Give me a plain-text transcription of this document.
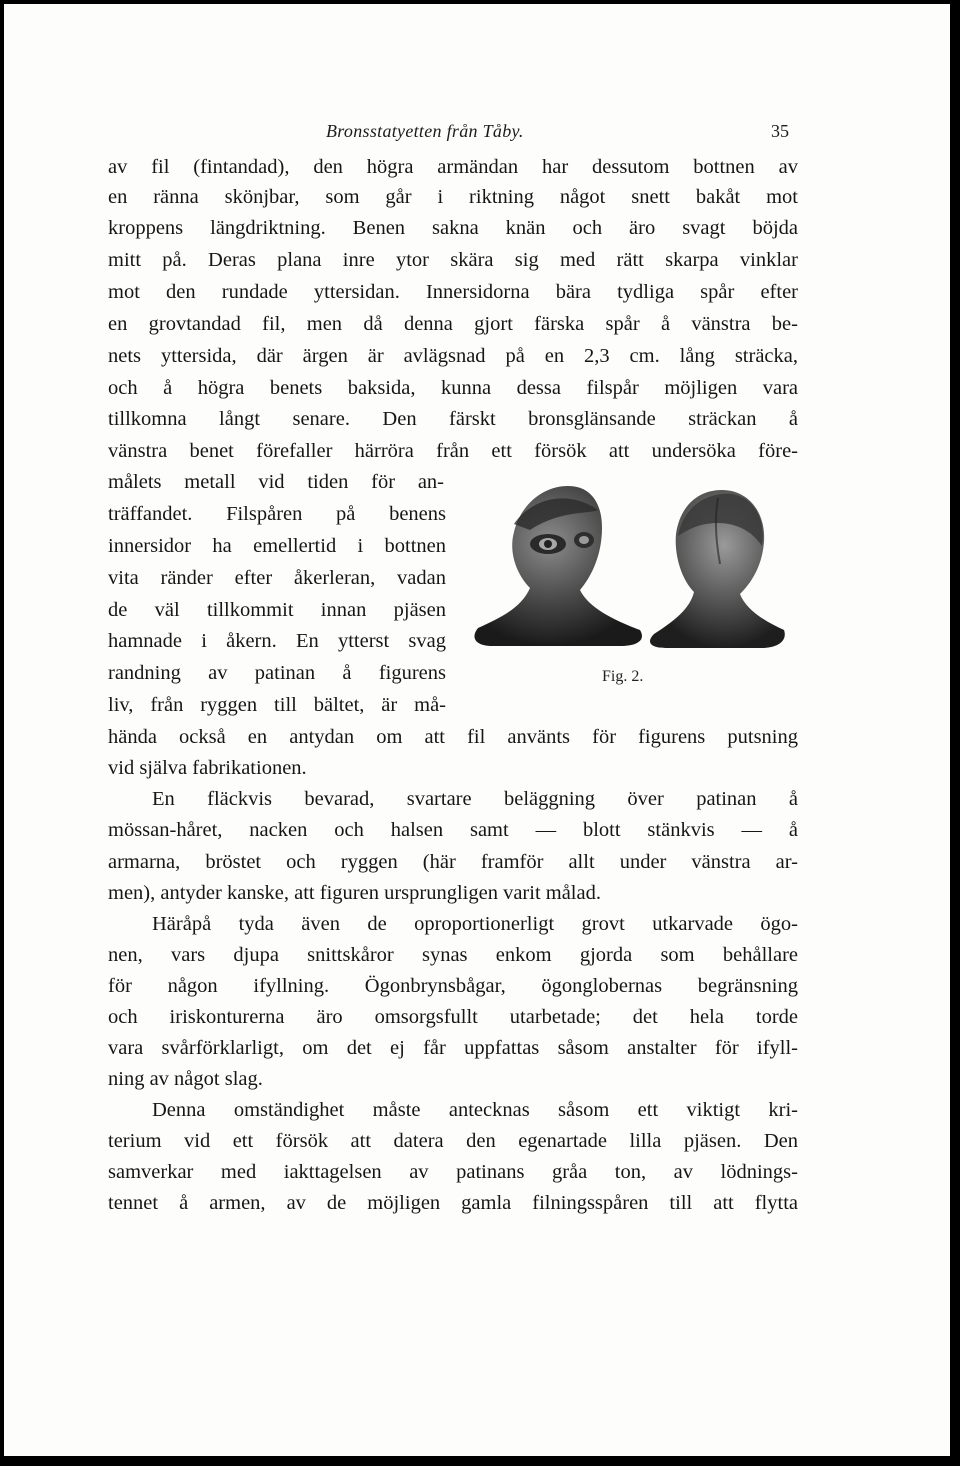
Bronsstatyetten från Tåby.	35
av fil (fintandad), den högra armändan har dessutom bottnen av
en ränna skönjbar, som går i riktning något snett bakåt mot
kroppens längdriktning. Benen sakna knän och äro svagt böjda
mitt på. Deras plana inre ytor skära sig med rätt skarpa vinklar
mot den rundade yttersidan. Innersidorna bära tydliga spår efter
en grovtandad fil, men då denna gjort färska spår å vänstra be-
nets yttersida, där ärgen är avlägsnad på en 2,3 cm. lång sträcka,
och å högra benets baksida, kunna dessa filspår möjligen vara
tillkomna långt senare. Den färskt bronsglänsande sträckan å
vänstra benet förefaller härröra från ett försök att undersöka före-
målets metall vid tiden för an-
träffandet. Filspåren på benens
innersidor ha emellertid i bottnen
vita ränder efter åkerleran, vadan
de väl tillkommit innan pjäsen
hamnade i åkern. En ytterst svag
randning av patinan å figurens
liv, från ryggen till bältet, är må-
hända också en antydan om att fil använts för figurens putsning
vid själva fabrikationen.
En fläckvis bevarad, svartare beläggning över patinan å
mössan-håret, nacken och halsen samt — blott stänkvis — å
armarna, bröstet och ryggen (här framför allt under vänstra ar-
men), antyder kanske, att figuren ursprungligen varit målad.
Häråpå tyda även de oproportionerligt grovt utkarvade ögo-
nen, vars djupa snittskåror synas enkom gjorda som behållare
för någon ifyllning. Ögonbrynsbågar, ögonglobernas begränsning
och iriskonturerna äro omsorgsfullt utarbetade; det hela torde
vara svårförklarligt, om det ej får uppfattas såsom anstalter för ifyll-
ning av något slag.
Denna omständighet måste antecknas såsom ett viktigt kri-
terium vid ett försök att datera den egenartade lilla pjäsen. Den
samverkar med iakttagelsen av patinans gråa ton, av lödnings-
tennet å armen, av de möjligen gamla filningsspåren till att flytta
Fig. 2.
